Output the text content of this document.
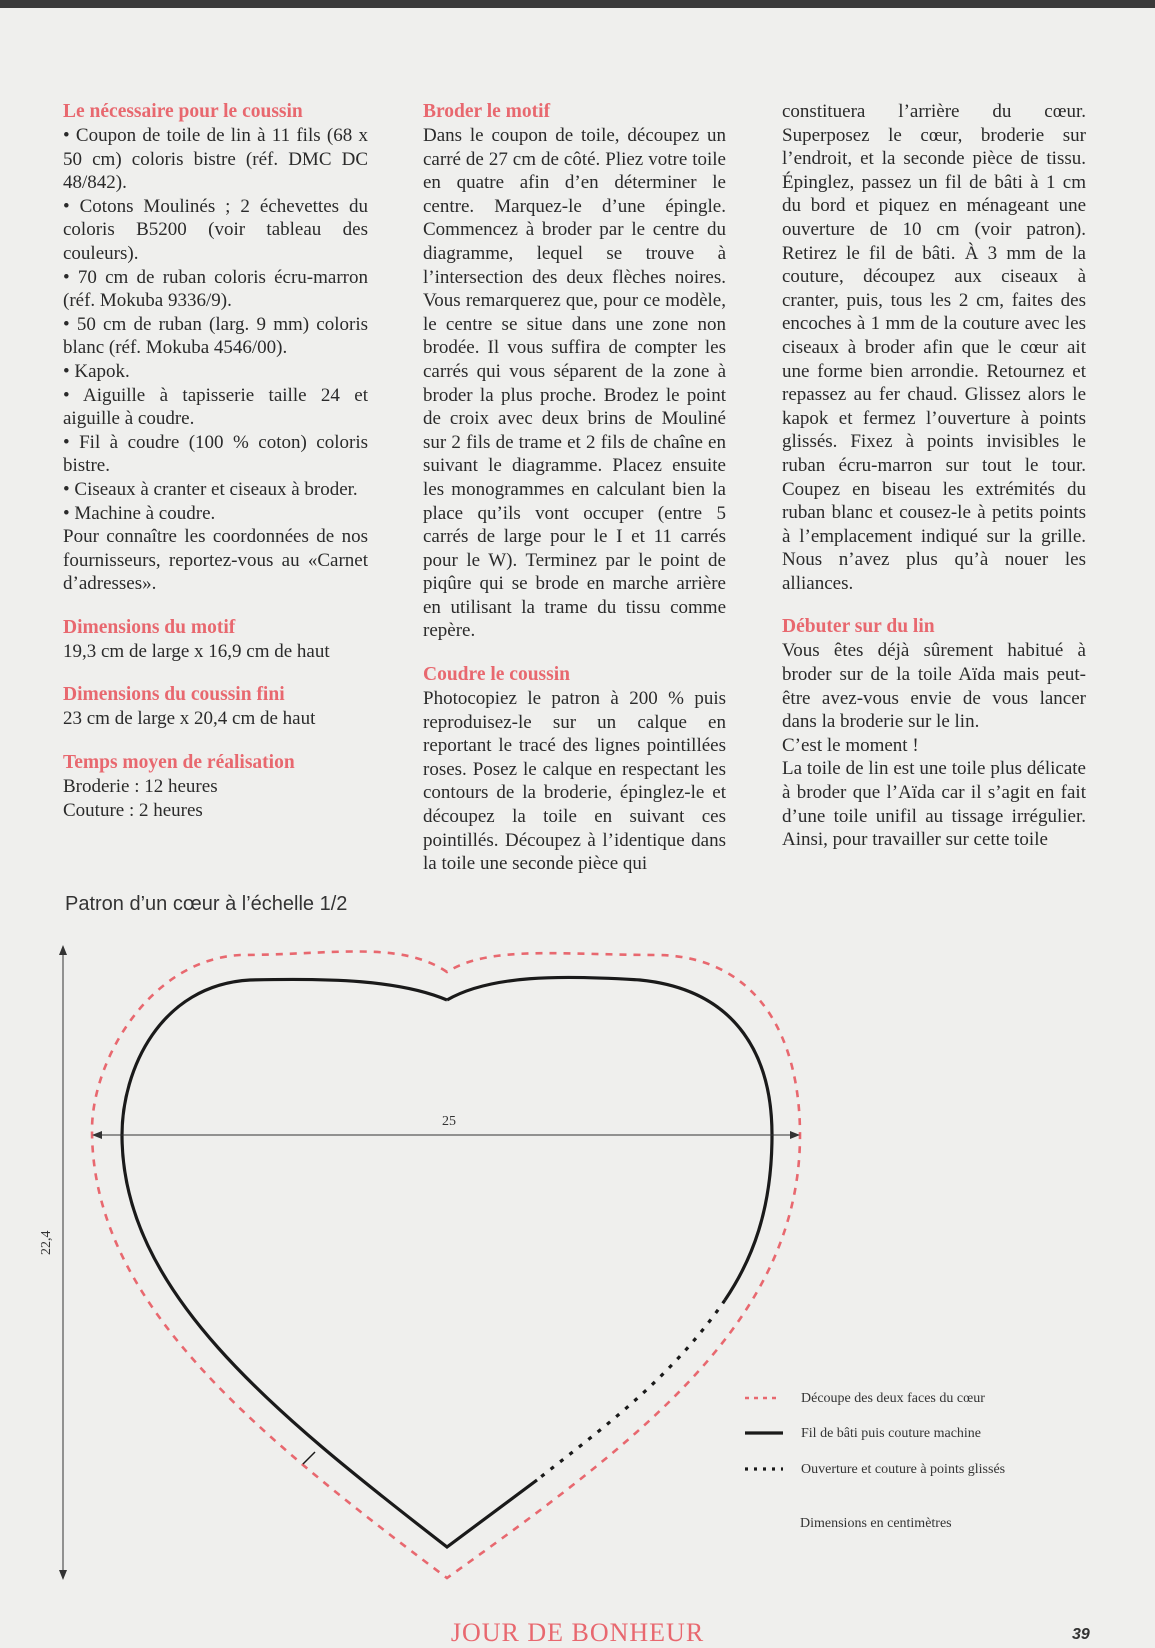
Le nécessaire pour le coussin
• Coupon de toile de lin à 11 fils (68 x 50 cm) coloris bistre (réf. DMC DC 48/842).
• Cotons Moulinés ; 2 échevettes du coloris B5200 (voir tableau des couleurs).
• 70 cm de ruban coloris écru-marron (réf. Mokuba 9336/9).
• 50 cm de ruban (larg. 9 mm) coloris blanc (réf. Mokuba 4546/00).
• Kapok.
• Aiguille à tapisserie taille 24 et aiguille à coudre.
• Fil à coudre (100 % coton) coloris bistre.
• Ciseaux à cranter et ciseaux à broder.
• Machine à coudre.

Pour connaître les coordonnées de nos fournisseurs, reportez-vous au «Carnet d’adresses».

Dimensions du motif

19,3 cm de large x 16,9 cm de haut

Dimensions du coussin fini

23 cm de large x 20,4 cm de haut

Temps moyen de réalisation

Broderie : 12 heures

Couture : 2 heures

Broder le motif

Dans le coupon de toile, découpez un carré de 27 cm de côté. Pliez votre toile en quatre afin d’en déterminer le centre. Marquez-le d’une épingle. Commencez à broder par le centre du diagramme, lequel se trouve à l’intersection des deux flèches noires. Vous remarquerez que, pour ce modèle, le centre se situe dans une zone non brodée. Il vous suffira de compter les carrés qui vous séparent de la zone à broder la plus proche. Brodez le point de croix avec deux brins de Mouliné sur 2 fils de trame et 2 fils de chaîne en suivant le diagramme. Placez ensuite les monogrammes en calculant bien la place qu’ils vont occuper (entre 5 carrés de large pour le I et 11 carrés pour le W). Terminez par le point de piqûre qui se brode en marche arrière en utilisant la trame du tissu comme repère.

Coudre le coussin

Photocopiez le patron à 200 % puis reproduisez-le sur un calque en reportant le tracé des lignes pointillées roses. Posez le calque en respectant les contours de la broderie, épinglez-le et découpez la toile en suivant ces pointillés. Découpez à l’identique dans la toile une seconde pièce qui

constituera l’arrière du cœur. Superposez le cœur, broderie sur l’endroit, et la seconde pièce de tissu. Épinglez, passez un fil de bâti à 1 cm du bord et piquez en ménageant une ouverture de 10 cm (voir patron). Retirez le fil de bâti. À 3 mm de la couture, découpez aux ciseaux à cranter, puis, tous les 2 cm, faites des encoches à 1 mm de la couture avec les ciseaux à broder afin que le cœur ait une forme bien arrondie. Retournez et repassez au fer chaud. Glissez alors le kapok et fermez l’ouverture à points glissés. Fixez à points invisibles le ruban écru-marron sur tout le tour. Coupez en biseau les extrémités du ruban blanc et cousez-le à petits points à l’emplacement indiqué sur la grille. Nous n’avez plus qu’à nouer les alliances.

Débuter sur du lin

Vous êtes déjà sûrement habitué à broder sur de la toile Aïda mais peut-être avez-vous envie de vous lancer dans la broderie sur le lin.

C’est le moment !

La toile de lin est une toile plus délicate à broder que l’Aïda car il s’agit en fait d’une toile unifil au tissage irrégulier. Ainsi, pour travailler sur cette toile

Patron d’un cœur à l’échelle 1/2
25
22,4
Découpe des deux faces du cœur
Fil de bâti puis couture machine
Ouverture et couture à points glissés
Dimensions en centimètres
JOUR DE BONHEUR	39
